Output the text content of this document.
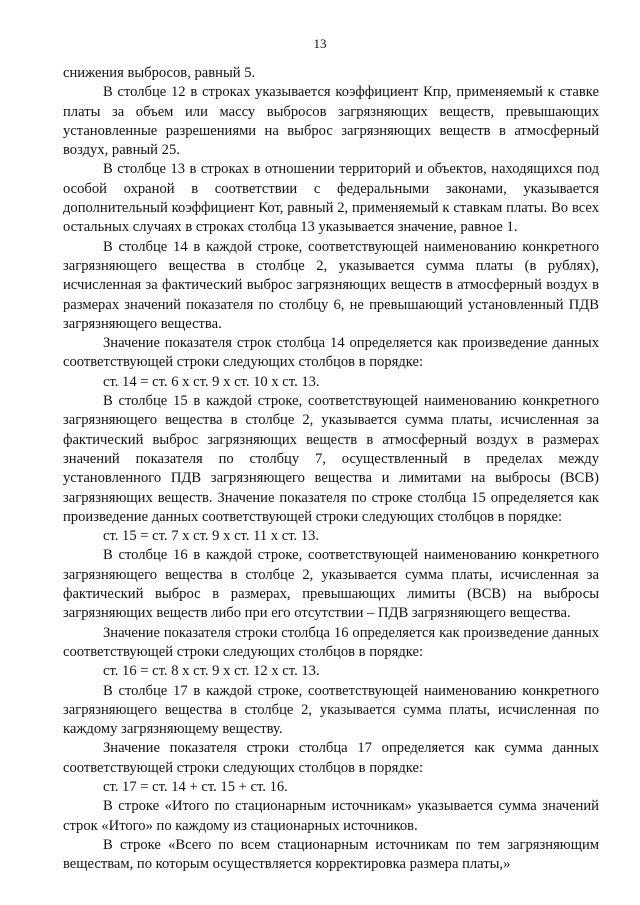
13

снижения выбросов, равный 5.

В столбце 12 в строках указывается коэффициент Кпр, применяемый к ставке платы за объем или массу выбросов загрязняющих веществ, превышающих установленные разрешениями на выброс загрязняющих веществ в атмосферный воздух, равный 25.

В столбце 13 в строках в отношении территорий и объектов, находящихся под особой охраной в соответствии с федеральными законами, указывается дополнительный коэффициент Кот, равный 2, применяемый к ставкам платы. Во всех остальных случаях в строках столбца 13 указывается значение, равное 1.

В столбце 14 в каждой строке, соответствующей наименованию конкретного загрязняющего вещества в столбце 2, указывается сумма платы (в рублях), исчисленная за фактический выброс загрязняющих веществ в атмосферный воздух в размерах значений показателя по столбцу 6, не превышающий установленный ПДВ загрязняющего вещества.

Значение показателя строк столбца 14 определяется как произведение данных соответствующей строки следующих столбцов в порядке:

ст. 14 = ст. 6 x ст. 9 x ст. 10 x ст. 13.

В столбце 15 в каждой строке, соответствующей наименованию конкретного загрязняющего вещества в столбце 2, указывается сумма платы, исчисленная за фактический выброс загрязняющих веществ в атмосферный воздух в размерах значений показателя по столбцу 7, осуществленный в пределах между установленного ПДВ загрязняющего вещества и лимитами на выбросы (ВСВ) загрязняющих веществ. Значение показателя по строке столбца 15 определяется как произведение данных соответствующей строки следующих столбцов в порядке:

ст. 15 = ст. 7 x ст. 9 x ст. 11 x ст. 13.

В столбце 16 в каждой строке, соответствующей наименованию конкретного загрязняющего вещества в столбце 2, указывается сумма платы, исчисленная за фактический выброс в размерах, превышающих лимиты (ВСВ) на выбросы загрязняющих веществ либо при его отсутствии – ПДВ загрязняющего вещества.

Значение показателя строки столбца 16 определяется как произведение данных соответствующей строки следующих столбцов в порядке:

ст. 16 = ст. 8 x ст. 9 x ст. 12 x ст. 13.

В столбце 17 в каждой строке, соответствующей наименованию конкретного загрязняющего вещества в столбце 2, указывается сумма платы, исчисленная по каждому загрязняющему веществу.

Значение показателя строки столбца 17 определяется как сумма данных соответствующей строки следующих столбцов в порядке:

ст. 17 = ст. 14 + ст. 15 + ст. 16.

В строке «Итого по стационарным источникам» указывается сумма значений строк «Итого» по каждому из стационарных источников.

В строке «Всего по всем стационарным источникам по тем загрязняющим веществам, по которым осуществляется корректировка размера платы,»
